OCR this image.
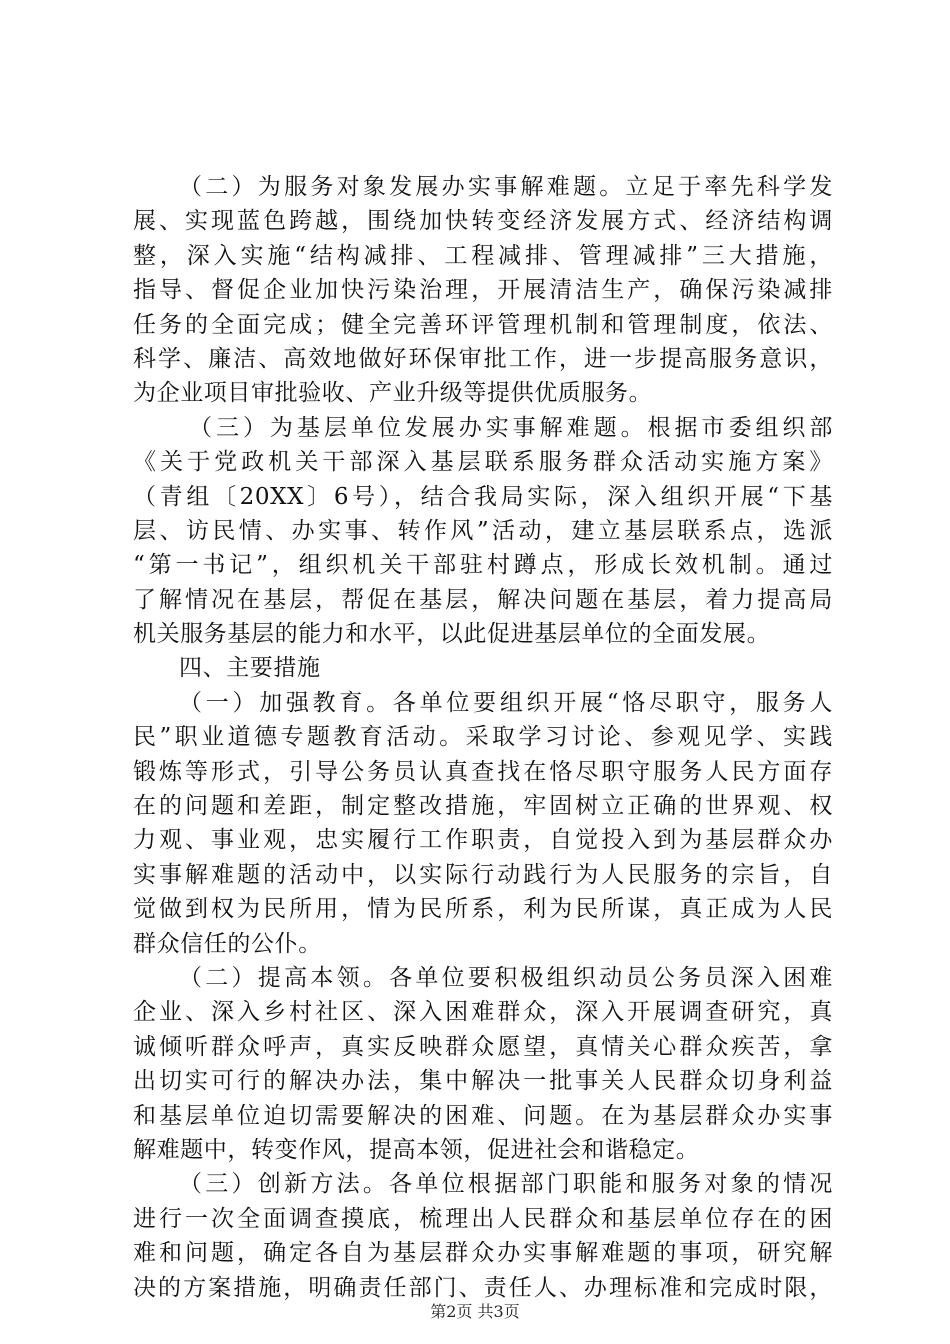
（二）为服务对象发展办实事解难题。立足于率先科学发
展、实现蓝色跨越，围绕加快转变经济发展方式、经济结构调
整，深入实施“结构减排、工程减排、管理减排”三大措施，
指导、督促企业加快污染治理，开展清洁生产，确保污染减排
任务的全面完成；健全完善环评管理机制和管理制度，依法、
科学、廉洁、高效地做好环保审批工作，进一步提高服务意识，
为企业项目审批验收、产业升级等提供优质服务。
（三）为基层单位发展办实事解难题。根据市委组织部
《关于党政机关干部深入基层联系服务群众活动实施方案》
（青组〔20XX〕6号），结合我局实际，深入组织开展“下基
层、访民情、办实事、转作风”活动，建立基层联系点，选派
“第一书记”，组织机关干部驻村蹲点，形成长效机制。通过
了解情况在基层，帮促在基层，解决问题在基层，着力提高局
机关服务基层的能力和水平，以此促进基层单位的全面发展。
四、主要措施
（一）加强教育。各单位要组织开展“恪尽职守，服务人
民”职业道德专题教育活动。采取学习讨论、参观见学、实践
锻炼等形式，引导公务员认真查找在恪尽职守服务人民方面存
在的问题和差距，制定整改措施，牢固树立正确的世界观、权
力观、事业观，忠实履行工作职责，自觉投入到为基层群众办
实事解难题的活动中，以实际行动践行为人民服务的宗旨，自
觉做到权为民所用，情为民所系，利为民所谋，真正成为人民
群众信任的公仆。
（二）提高本领。各单位要积极组织动员公务员深入困难
企业、深入乡村社区、深入困难群众，深入开展调查研究，真
诚倾听群众呼声，真实反映群众愿望，真情关心群众疾苦，拿
出切实可行的解决办法，集中解决一批事关人民群众切身利益
和基层单位迫切需要解决的困难、问题。在为基层群众办实事
解难题中，转变作风，提高本领，促进社会和谐稳定。
（三）创新方法。各单位根据部门职能和服务对象的情况
进行一次全面调查摸底，梳理出人民群众和基层单位存在的困
难和问题，确定各自为基层群众办实事解难题的事项，研究解
决的方案措施，明确责任部门、责任人、办理标准和完成时限，
第2页 共3页
